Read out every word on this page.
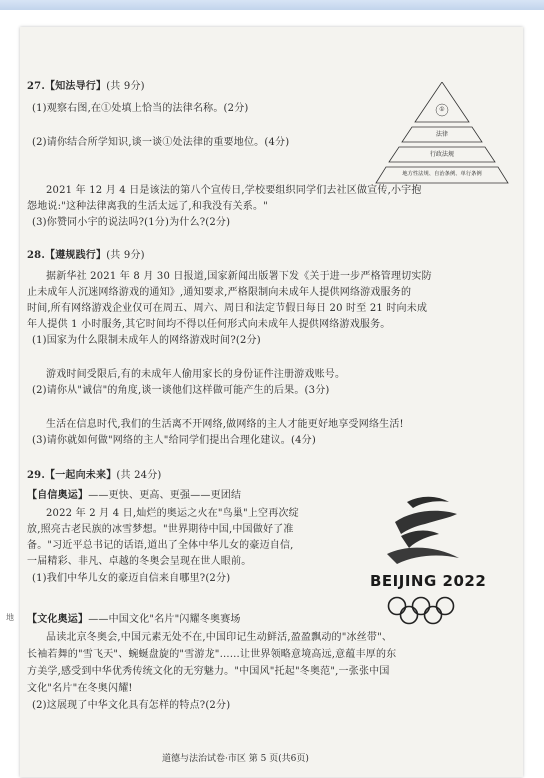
27.【知法导行】(共 9分)
(1)观察右图,在①处填上恰当的法律名称。(2分)
(2)请你结合所学知识,谈一谈①处法律的重要地位。(4分)
①
法律
行政法规
地方性法规、自治条例、单行条例
2021 年 12 月 4 日是该法的第八个宣传日,学校要组织同学们去社区做宣传,小宇抱
怨地说:"这种法律离我的生活太远了,和我没有关系。"
(3)你赞同小宇的说法吗?(1分)为什么?(2分)
28.【遵规践行】(共 9分)
据新华社 2021 年 8 月 30 日报道,国家新闻出版署下发《关于进一步严格管理切实防
止未成年人沉迷网络游戏的通知》,通知要求,严格限制向未成年人提供网络游戏服务的
时间,所有网络游戏企业仅可在周五、周六、周日和法定节假日每日 20 时至 21 时向未成
年人提供 1 小时服务,其它时间均不得以任何形式向未成年人提供网络游戏服务。
(1)国家为什么限制未成年人的网络游戏时间?(2分)
游戏时间受限后,有的未成年人偷用家长的身份证件注册游戏账号。
(2)请你从"诚信"的角度,谈一谈他们这样做可能产生的后果。(3分)
生活在信息时代,我们的生活离不开网络,做网络的主人才能更好地享受网络生活!
(3)请你就如何做"网络的主人"给同学们提出合理化建议。(4分)
29.【一起向未来】(共 24分)
【自信奥运】——更快、更高、更强——更团结
2022 年 2 月 4 日,灿烂的奥运之火在"鸟巢"上空再次绽
放,照亮古老民族的冰雪梦想。"世界期待中国,中国做好了准
备。"习近平总书记的话语,道出了全体中华儿女的豪迈自信,
一届精彩、非凡、卓越的冬奥会呈现在世人眼前。
(1)我们中华儿女的豪迈自信来自哪里?(2分)	BEIJING 2022
【文化奥运】——中国文化"名片"闪耀冬奥赛场
品读北京冬奥会,中国元素无处不在,中国印记生动鲜活,盈盈飘动的"冰丝带"、
长袖若舞的"雪飞天"、蜿蜒盘旋的"雪游龙"……让世界领略意境高远,意蕴丰厚的东
方美学,感受到中华优秀传统文化的无穷魅力。"中国风"托起"冬奥范",一张张中国
文化"名片"在冬奥闪耀!
(2)这展现了中华文化具有怎样的特点?(2分)
地
道德与法治试卷·市区 第 5 页(共6页)
